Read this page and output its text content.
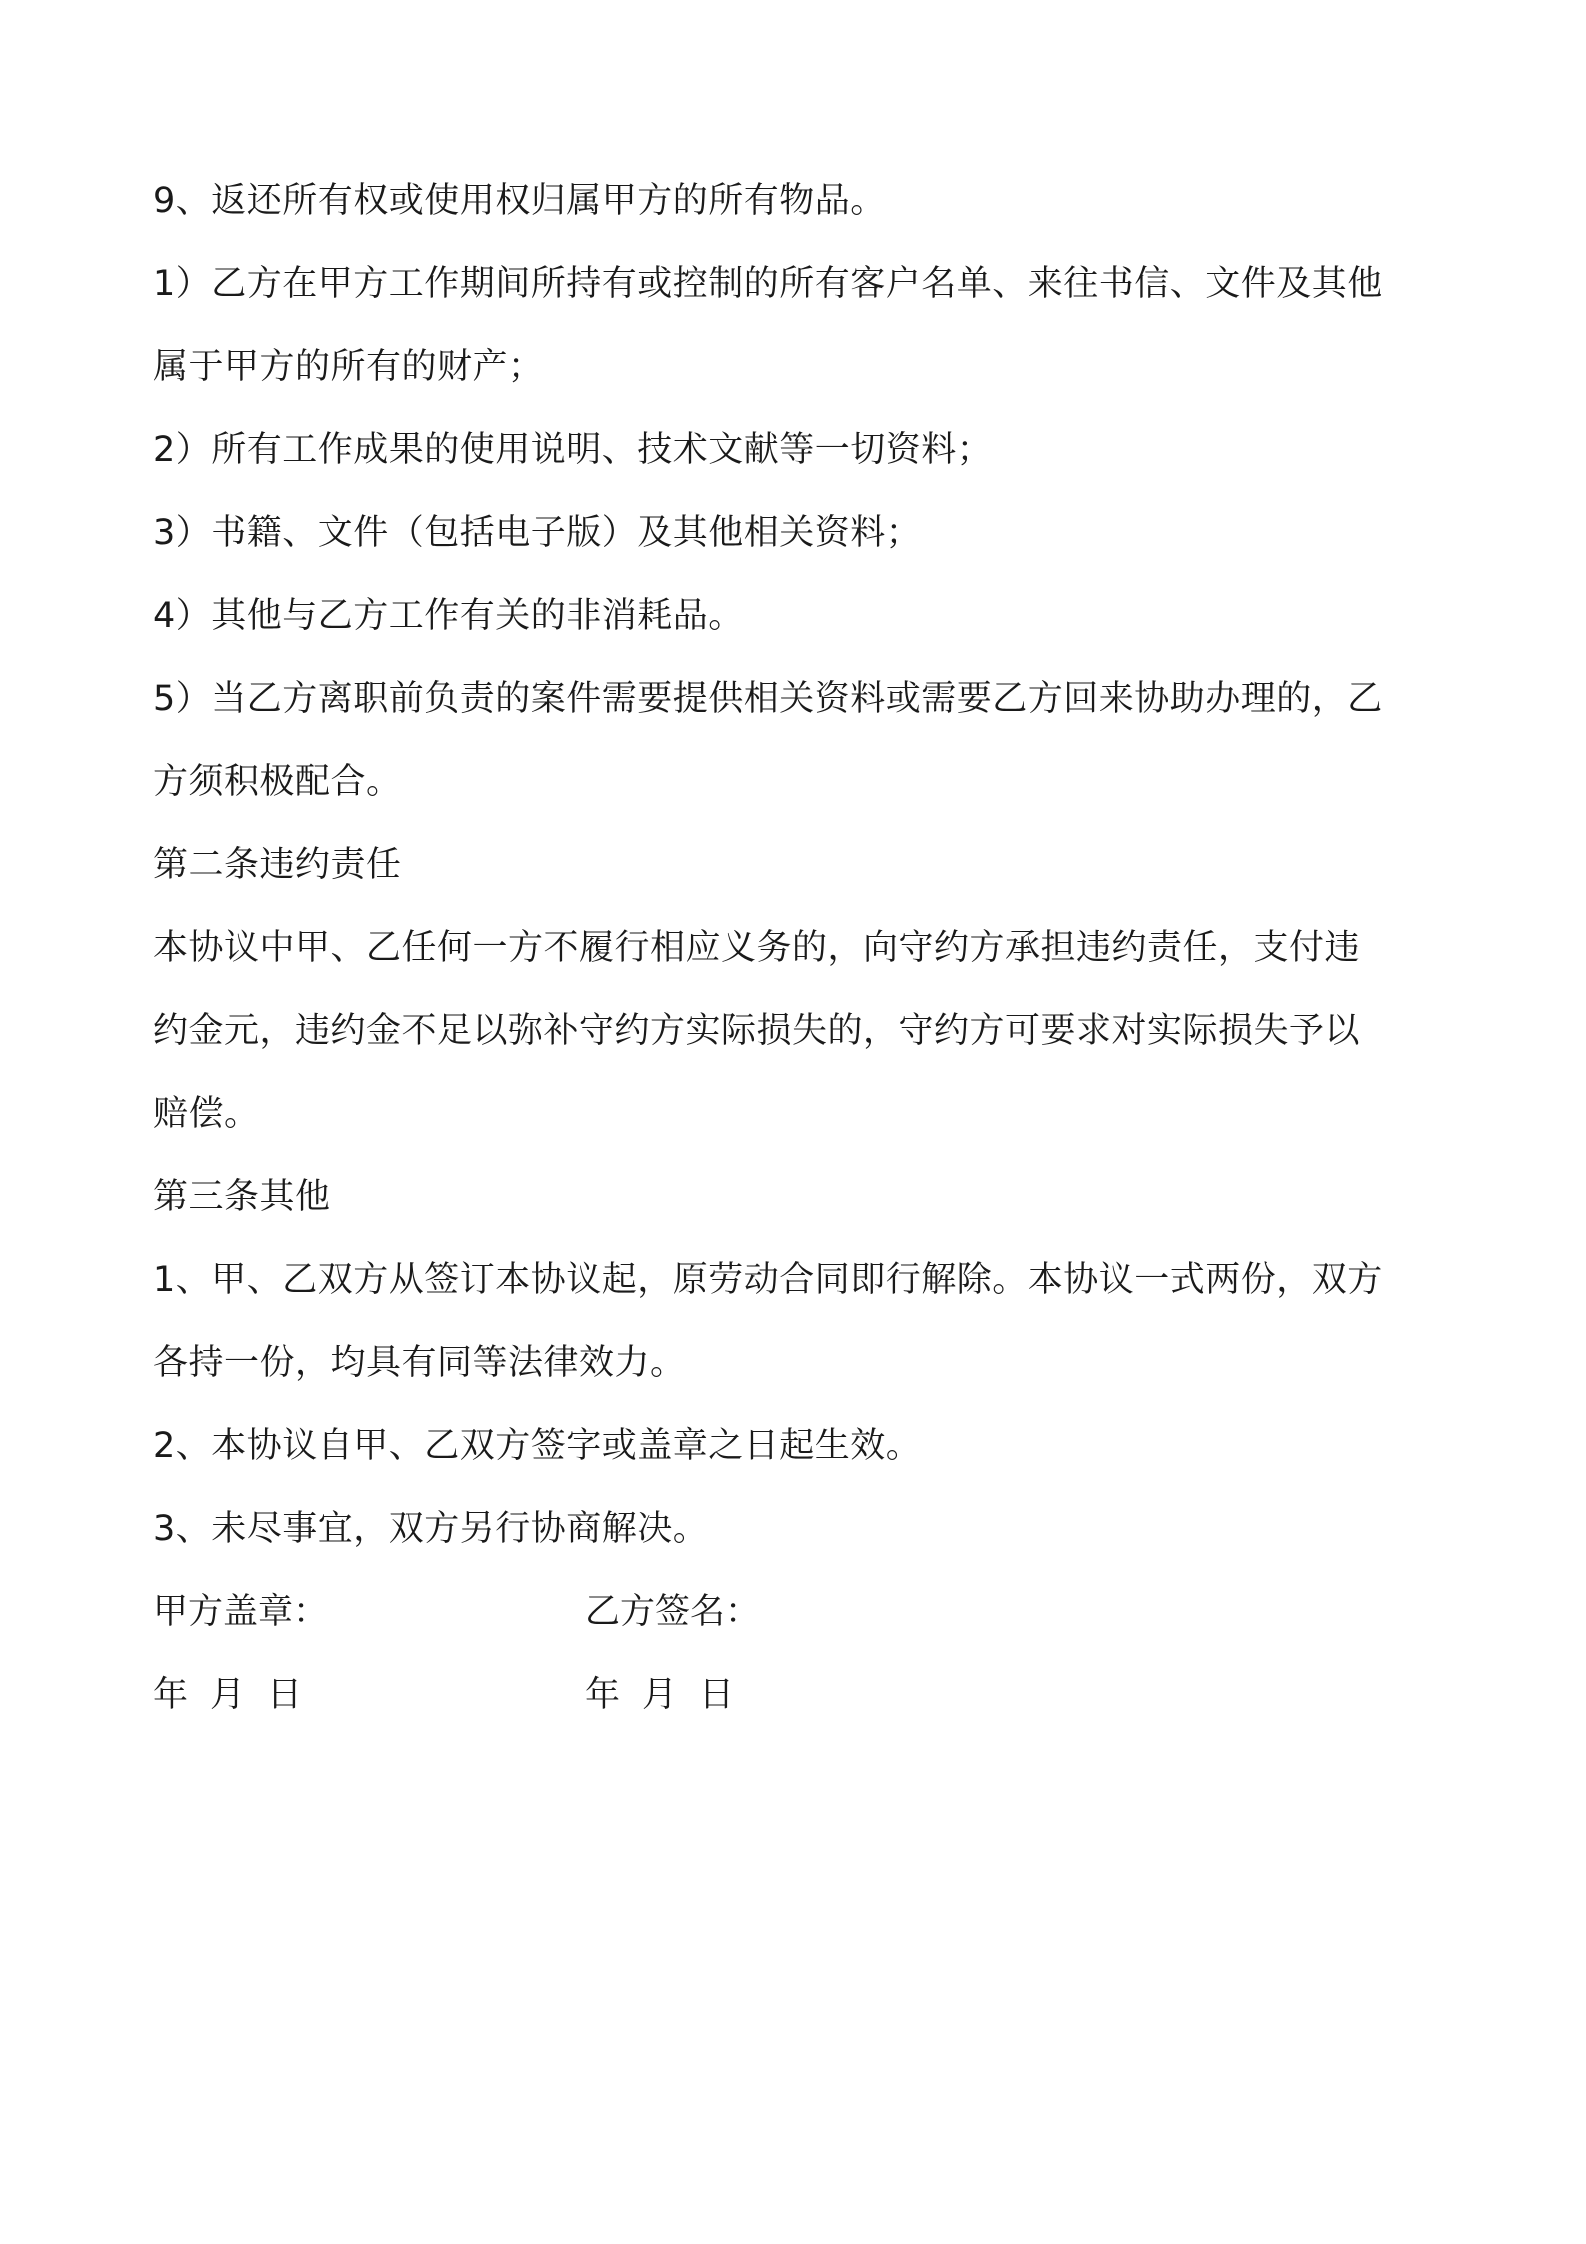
9、返还所有权或使用权归属甲方的所有物品。
1）乙方在甲方工作期间所持有或控制的所有客户名单、来往书信、文件及其他
属于甲方的所有的财产；
2）所有工作成果的使用说明、技术文献等一切资料；
3）书籍、文件（包括电子版）及其他相关资料；
4）其他与乙方工作有关的非消耗品。
5）当乙方离职前负责的案件需要提供相关资料或需要乙方回来协助办理的，乙
方须积极配合。
第二条违约责任
本协议中甲、乙任何一方不履行相应义务的，向守约方承担违约责任，支付违
约金元，违约金不足以弥补守约方实际损失的，守约方可要求对实际损失予以
赔偿。
第三条其他
1、甲、乙双方从签订本协议起，原劳动合同即行解除。本协议一式两份，双方
各持一份，均具有同等法律效力。
2、本协议自甲、乙双方签字或盖章之日起生效。
3、未尽事宜，双方另行协商解决。
甲方盖章：	乙方签名：
年 月 日	年 月 日
